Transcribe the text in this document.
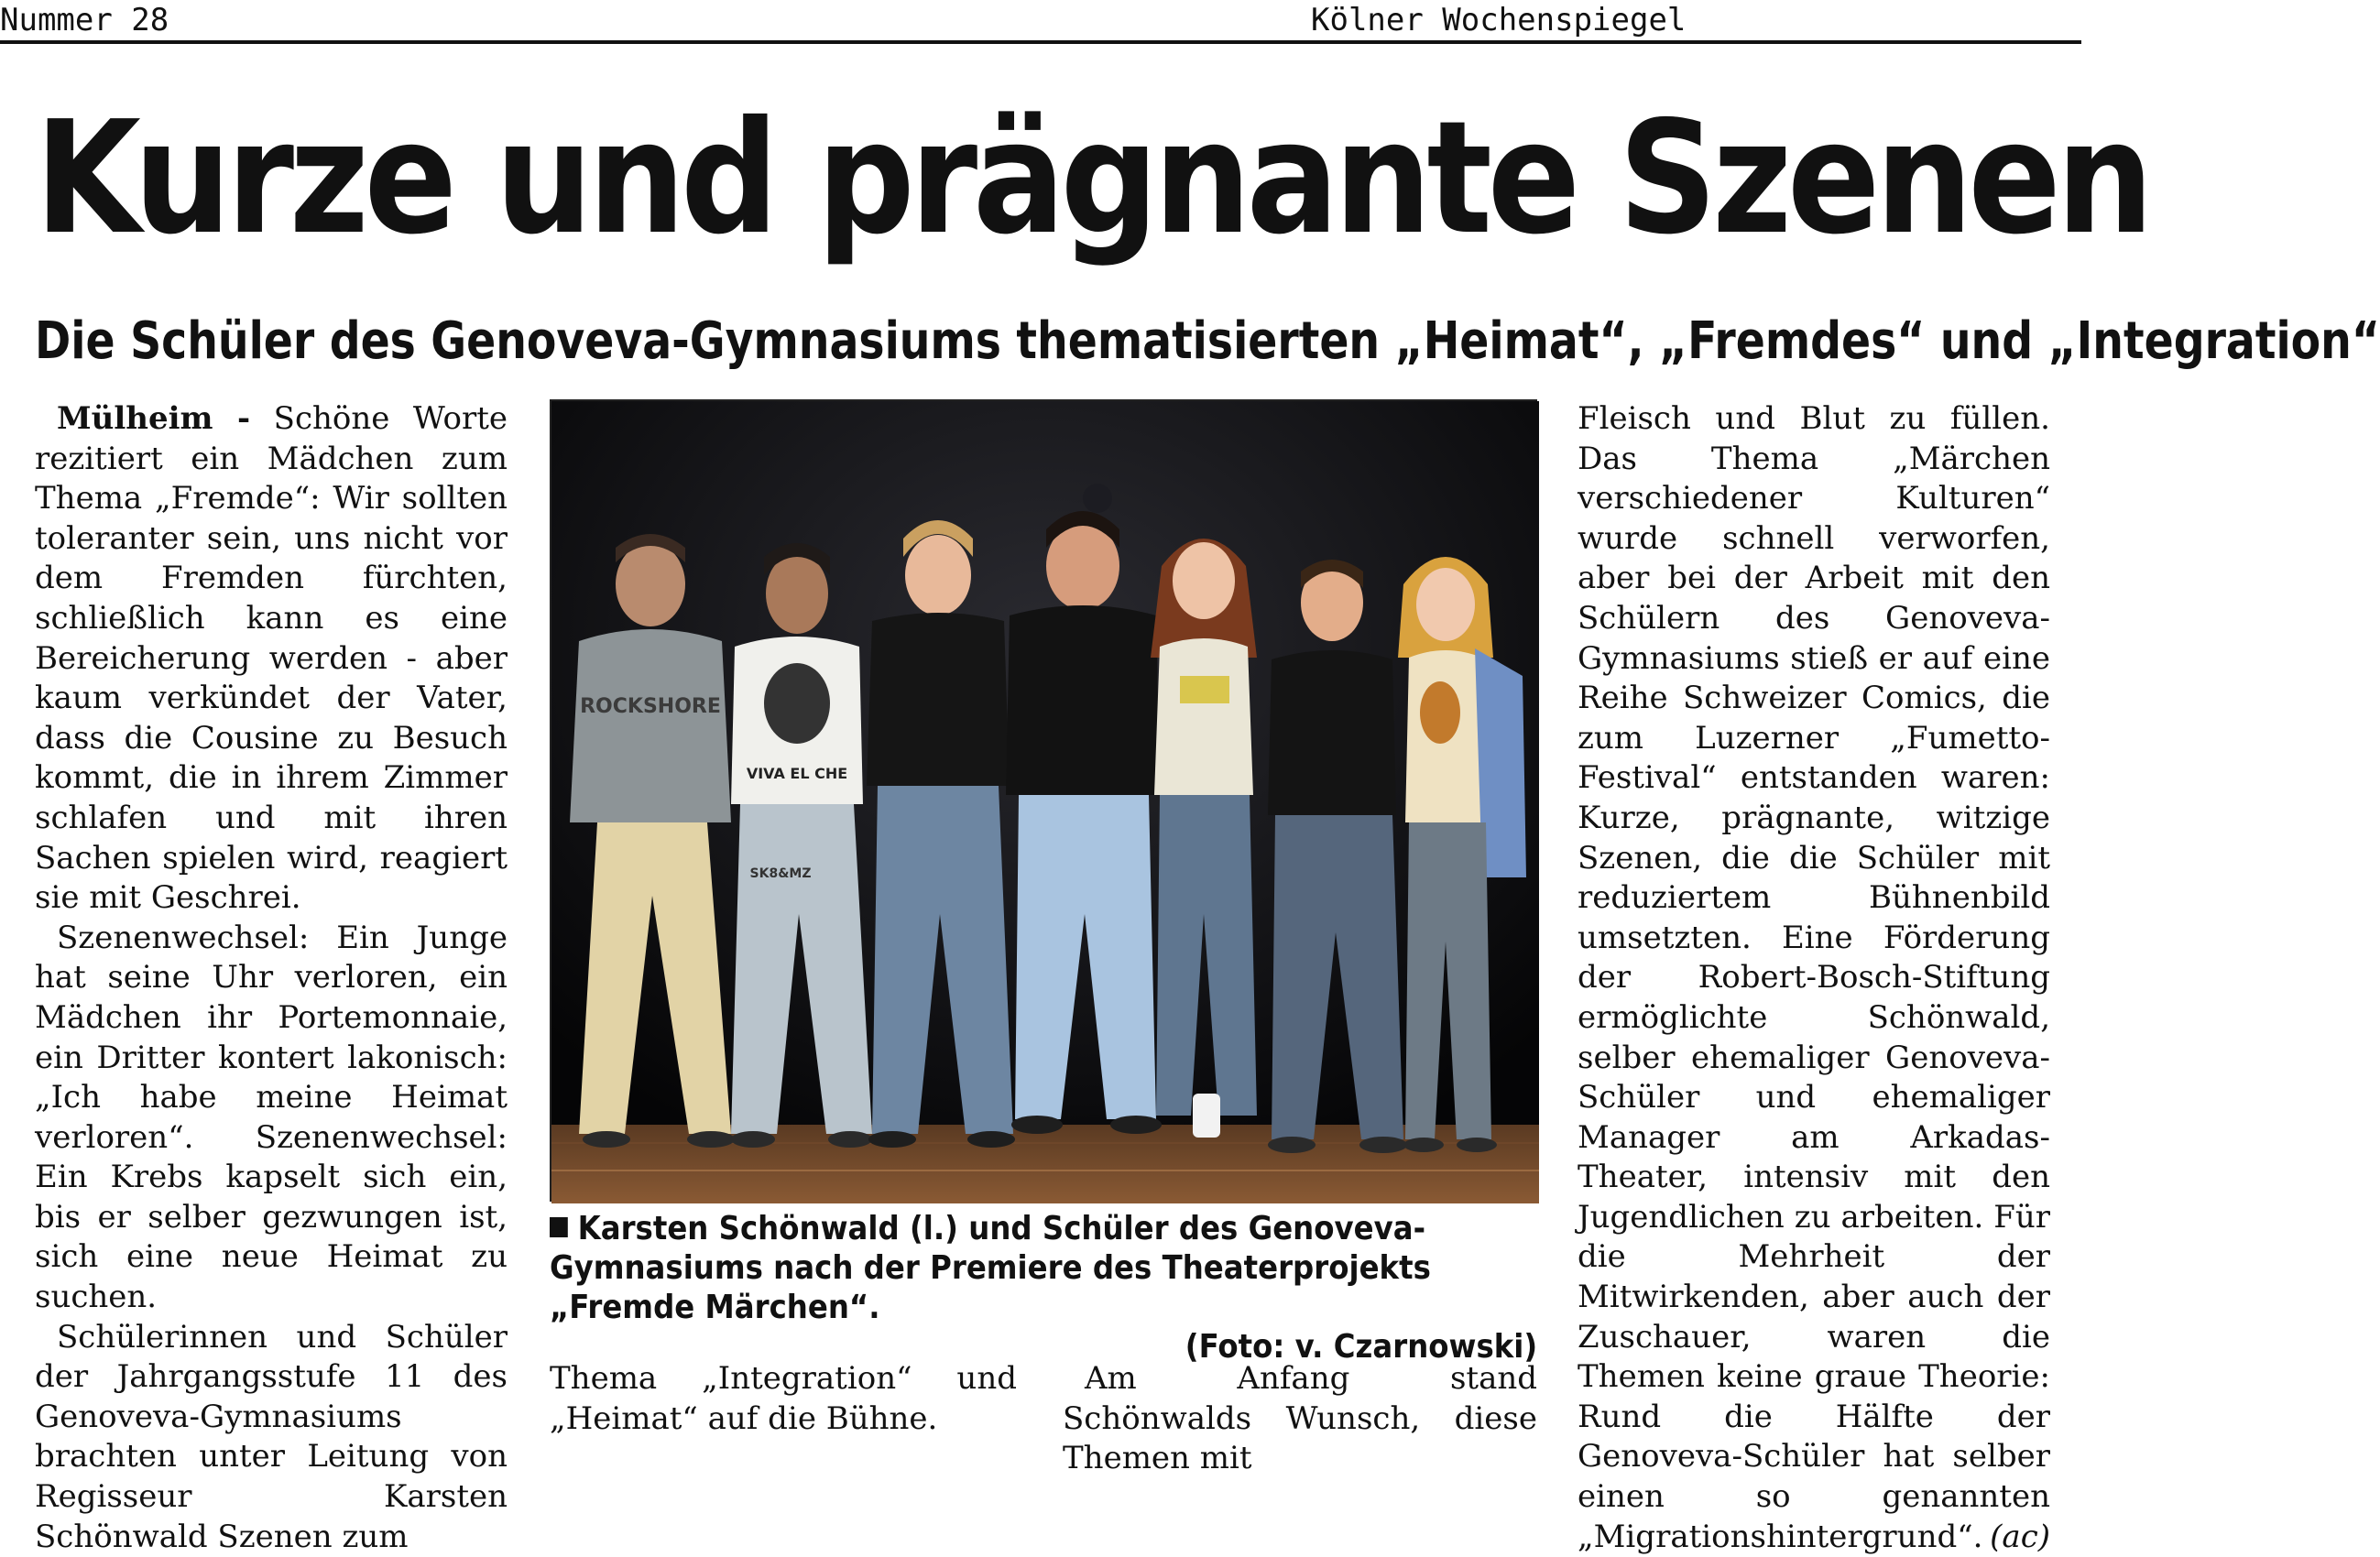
Nummer 28	Kölner Wochenspiegel
Kurze und prägnante Szenen
Die Schüler des Genoveva-Gymnasiums thematisierten „Heimat“, „Fremdes“ und „Integration“

Mülheim - Schöne Worte rezitiert ein Mädchen zum Thema „Fremde“: Wir sollten toleranter sein, uns nicht vor dem Fremden fürchten, schließlich kann es eine Bereicherung werden - aber kaum verkündet der Vater, dass die Cousine zu Besuch kommt, die in ihrem Zimmer schlafen und mit ihren Sachen spielen wird, reagiert sie mit Geschrei.

Szenenwechsel: Ein Junge hat seine Uhr verloren, ein Mädchen ihr Portemonnaie, ein Dritter kontert lakonisch: „Ich habe meine Heimat verloren“. Szenenwechsel: Ein Krebs kapselt sich ein, bis er selber gezwungen ist, sich eine neue Heimat zu suchen.

Schülerinnen und Schüler der Jahrgangsstufe 11 des Genoveva-Gymnasiums brachten unter Leitung von Regisseur Karsten Schönwald Szenen zum

ROCKSHORE
VIVA EL CHE
SK8&MZ
Karsten Schönwald (l.) und Schüler des Genoveva-Gymnasiums nach der Premiere des Theaterprojekts „Fremde Märchen“.
(Foto: v. Czarnowski)

Thema „Integration“ und „Heimat“ auf die Bühne.

Am Anfang stand Schönwalds Wunsch, diese Themen mit

Fleisch und Blut zu füllen. Das Thema „Märchen verschiedener Kulturen“ wurde schnell verworfen, aber bei der Arbeit mit den Schülern des Genoveva-Gymnasiums stieß er auf eine Reihe Schweizer Comics, die zum Luzerner „Fumetto-Festival“ entstanden waren: Kurze, prägnante, witzige Szenen, die die Schüler mit reduziertem Bühnenbild umsetzten. Eine Förderung der Robert-Bosch-Stiftung ermöglichte Schönwald, selber ehemaliger Genoveva-Schüler und ehemaliger Manager am Arkadas-Theater, intensiv mit den Jugendlichen zu arbeiten. Für die Mehrheit der Mitwirkenden, aber auch der Zuschauer, waren die Themen keine graue Theorie: Rund die Hälfte der Genoveva-Schüler hat selber einen so genannten „Migrationshintergrund“. (ac)
